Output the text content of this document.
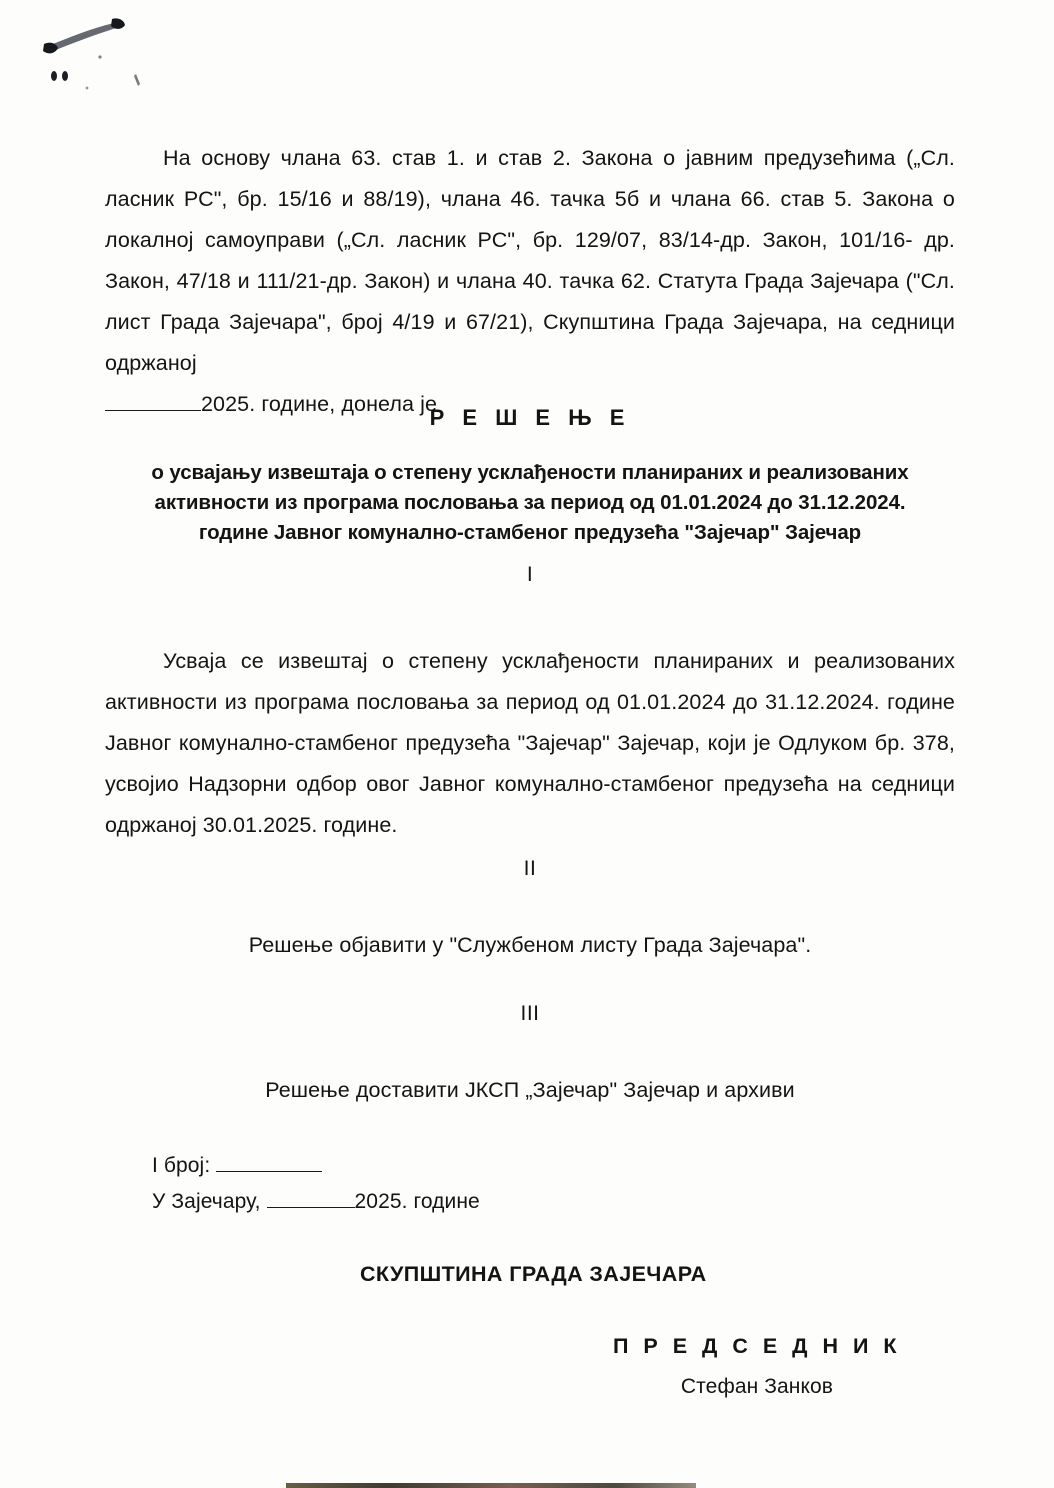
На основу члана 63. став 1. и став 2. Закона о јавним предузећима („Сл. ласник РС", бр. 15/16 и 88/19), члана 46. тачка 5б и члана 66. став 5. Закона о локалној самоуправи („Сл. ласник РС", бр. 129/07, 83/14-др. Закон, 101/16- др. Закон, 47/18 и 111/21-др. Закон) и члана 40. тачка 62. Статута Града Зајечара ("Сл. лист Града Зајечара", број 4/19 и 67/21), Скупштина Града Зајечара, на седници одржаној

2025. године, донела је

Р Е Ш Е Њ Е

о усвајању извештаја о степену усклађености планираних и реализованих

активности из програма пословања за период од 01.01.2024 до 31.12.2024.

године Јавног комунално-стамбеног предузећа "Зајечар" Зајечар

I

Усваја се извештај о степену усклађености планираних и реализованих активности из програма пословања за период од 01.01.2024 до 31.12.2024. године Јавног комунално-стамбеног предузећа "Зајечар" Зајечар, који је Одлуком бр. 378, усвојио Надзорни одбор овог Јавног комунално-стамбеног предузећа на седници одржаној 30.01.2025. године.

II

Решење објавити у "Службеном листу Града Зајечара".

III

Решење доставити ЈКСП „Зајечар" Зајечар и архиви

I број:

У Зајечару,	2025. године

СКУПШТИНА ГРАДА ЗАЈЕЧАРА

П Р Е Д С Е Д Н И К

Стефан Занков
